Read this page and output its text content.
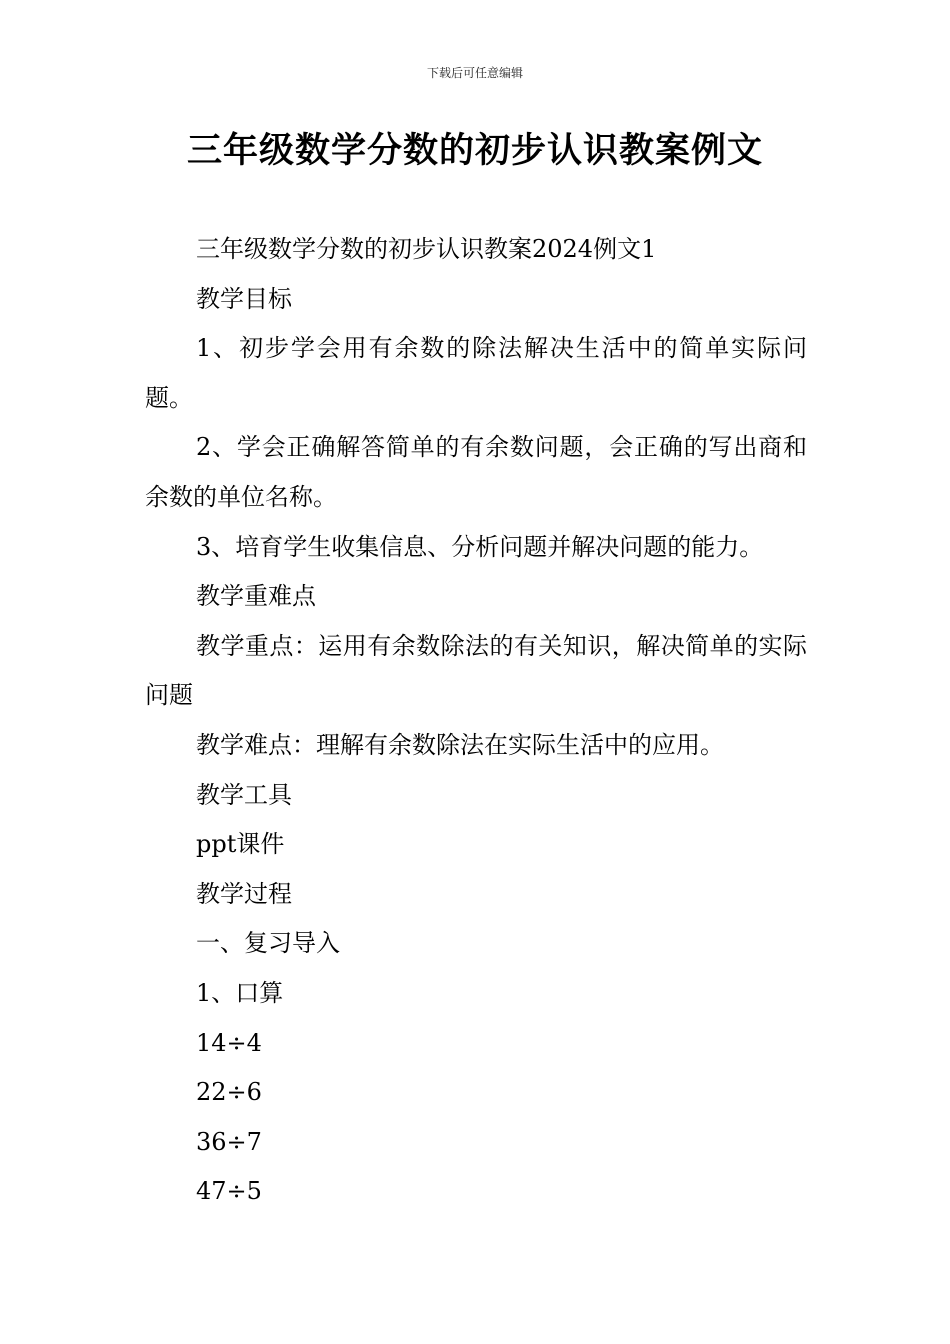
下载后可任意编辑
三年级数学分数的初步认识教案例文

三年级数学分数的初步认识教案2024例文1

教学目标

1、初步学会用有余数的除法解决生活中的简单实际问题。

2、学会正确解答简单的有余数问题，会正确的写出商和余数的单位名称。

3、培育学生收集信息、分析问题并解决问题的能力。

教学重难点

教学重点：运用有余数除法的有关知识，解决简单的实际问题

教学难点：理解有余数除法在实际生活中的应用。

教学工具

ppt课件

教学过程

一、复习导入

1、口算

14÷4

22÷6

36÷7

47÷5
